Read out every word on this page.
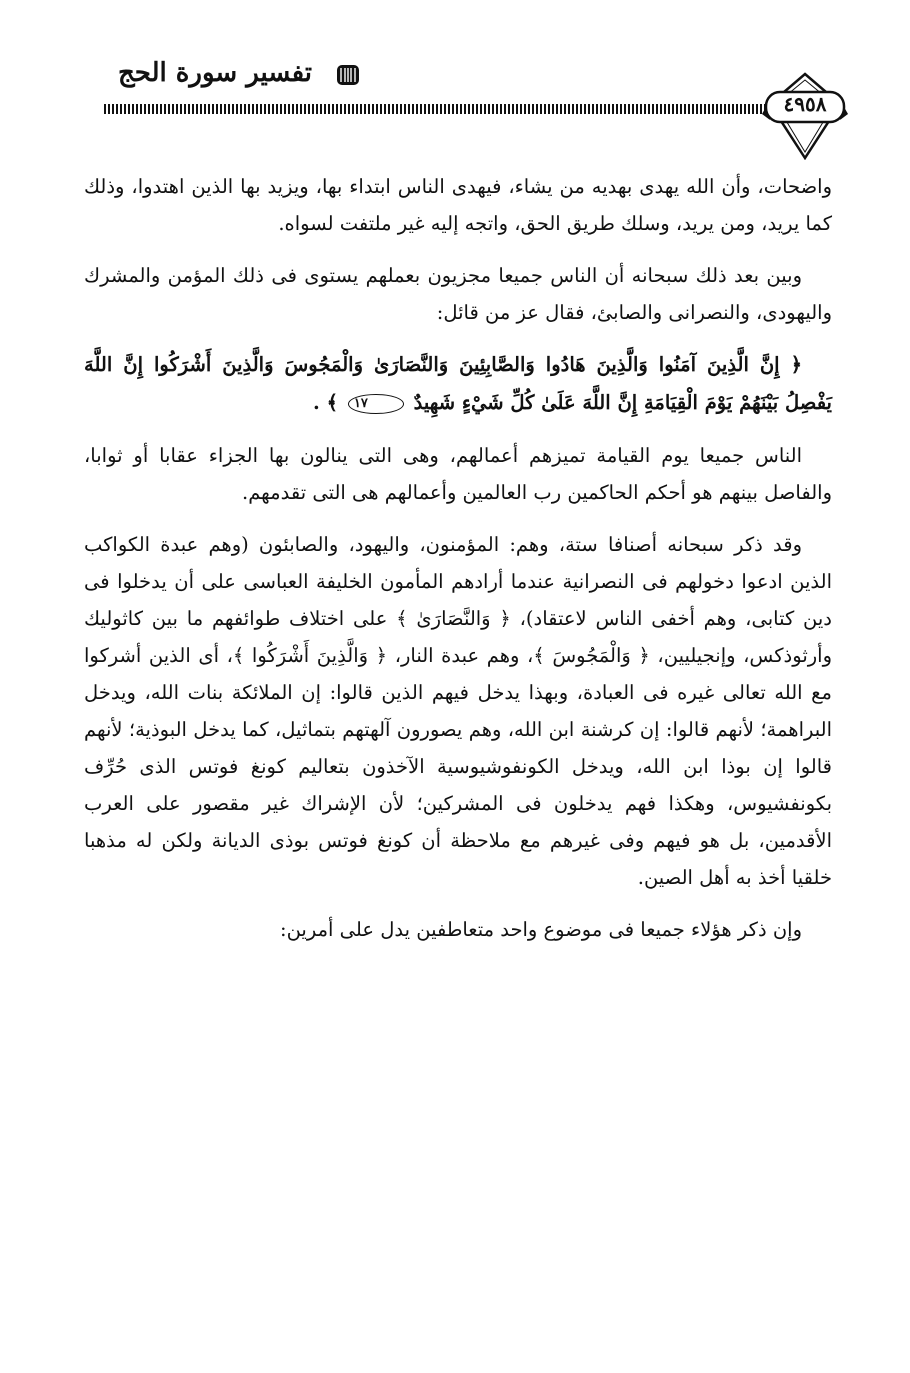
تفسير سورة الحج
٤٩٥٨

واضحات، وأن الله يهدى بهديه من يشاء، فيهدى الناس ابتداء بها، ويزيد بها الذين اهتدوا، وذلك كما يريد، ومن يريد، وسلك طريق الحق، واتجه إليه غير ملتفت لسواه.

وبين بعد ذلك سبحانه أن الناس جميعا مجزيون بعملهم يستوى فى ذلك المؤمن والمشرك واليهودى، والنصرانى والصابئ، فقال عز من قائل:

﴿ إِنَّ الَّذِينَ آمَنُوا وَالَّذِينَ هَادُوا وَالصَّابِئِينَ وَالنَّصَارَىٰ وَالْمَجُوسَ وَالَّذِينَ أَشْرَكُوا إِنَّ اللَّهَ يَفْصِلُ بَيْنَهُمْ يَوْمَ الْقِيَامَةِ إِنَّ اللَّهَ عَلَىٰ كُلِّ شَيْءٍ شَهِيدٌ ١٧ ﴾ .

الناس جميعا يوم القيامة تميزهم أعمالهم، وهى التى ينالون بها الجزاء عقابا أو ثوابا، والفاصل بينهم هو أحكم الحاكمين رب العالمين وأعمالهم هى التى تقدمهم.

وقد ذكر سبحانه أصنافا ستة، وهم: المؤمنون، واليهود، والصابئون (وهم عبدة الكواكب الذين ادعوا دخولهم فى النصرانية عندما أرادهم المأمون الخليفة العباسى على أن يدخلوا فى دين كتابى، وهم أخفى الناس لاعتقاد)، ﴿ وَالنَّصَارَىٰ ﴾ على اختلاف طوائفهم ما بين كاثوليك وأرثوذكس، وإنجيليين، ﴿ وَالْمَجُوسَ ﴾، وهم عبدة النار، ﴿ وَالَّذِينَ أَشْرَكُوا ﴾، أى الذين أشركوا مع الله تعالى غيره فى العبادة، وبهذا يدخل فيهم الذين قالوا: إن الملائكة بنات الله، ويدخل البراهمة؛ لأنهم قالوا: إن كرشنة ابن الله، وهم يصورون آلهتهم بتماثيل، كما يدخل البوذية؛ لأنهم قالوا إن بوذا ابن الله، ويدخل الكونفوشيوسية الآخذون بتعاليم كونغ فوتس الذى حُرِّف بكونفشيوس، وهكذا فهم يدخلون فى المشركين؛ لأن الإشراك غير مقصور على العرب الأقدمين، بل هو فيهم وفى غيرهم مع ملاحظة أن كونغ فوتس بوذى الديانة ولكن له مذهبا خلقيا أخذ به أهل الصين.

وإن ذكر هؤلاء جميعا فى موضوع واحد متعاطفين يدل على أمرين:
